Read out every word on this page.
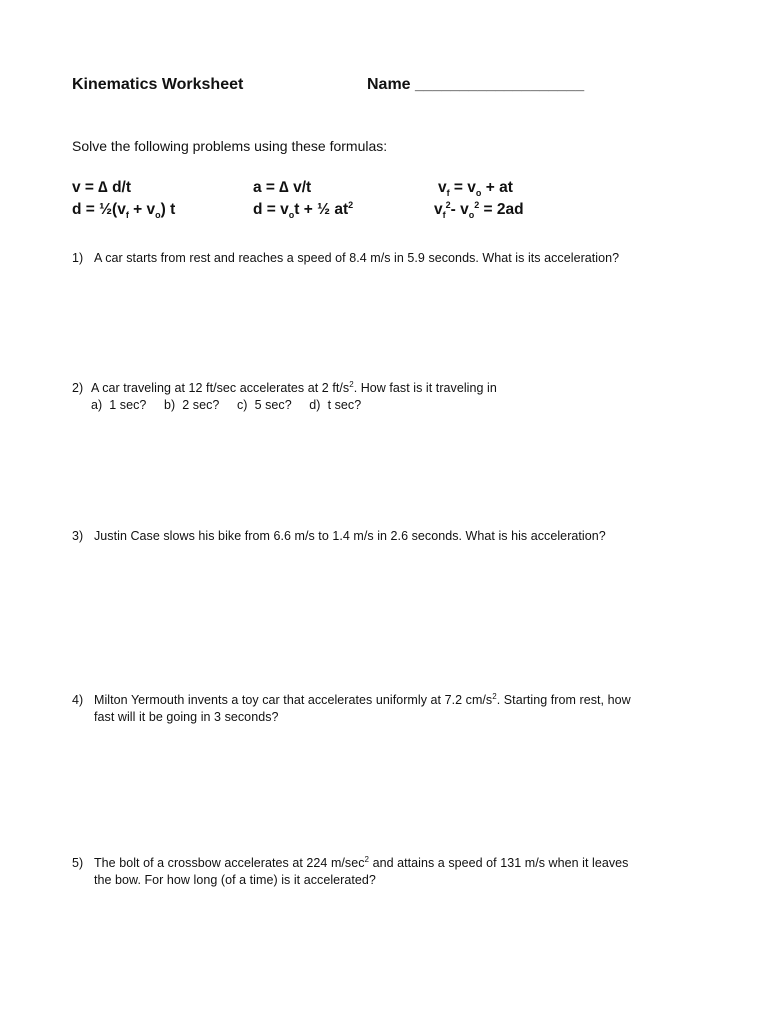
Kinematics Worksheet	Name ___________________
Solve the following problems using these formulas:
v = ∆ d/t	a = ∆ v/t	$v_f = v_o$ + at
$d = \frac{1}{2}(v_f + v_o)$ t	$d = v_ot$ + ½ $at^2$	$v_f^2-$ $v_o^2 = 2ad$
1) A car starts from rest and reaches a speed of 8.4 m/s in 5.9 seconds. What is its acceleration?
2) A car traveling at 12 ft/sec accelerates at 2 $ft/s^2$. How fast is it traveling in
a)  1 sec?     b)  2 sec?     c)  5 sec?     d)  t sec?
3) Justin Case slows his bike from 6.6 m/s to 1.4 m/s in 2.6 seconds. What is his acceleration?
4) Milton Yermouth invents a toy car that accelerates uniformly at 7.2 $cm/s^2$. Starting from rest, how
fast will it be going in 3 seconds?
5) The bolt of a crossbow accelerates at 224 $m/\sec^2$ and attains a speed of 131 m/s when it leaves
the bow. For how long (of a time) is it accelerated?
